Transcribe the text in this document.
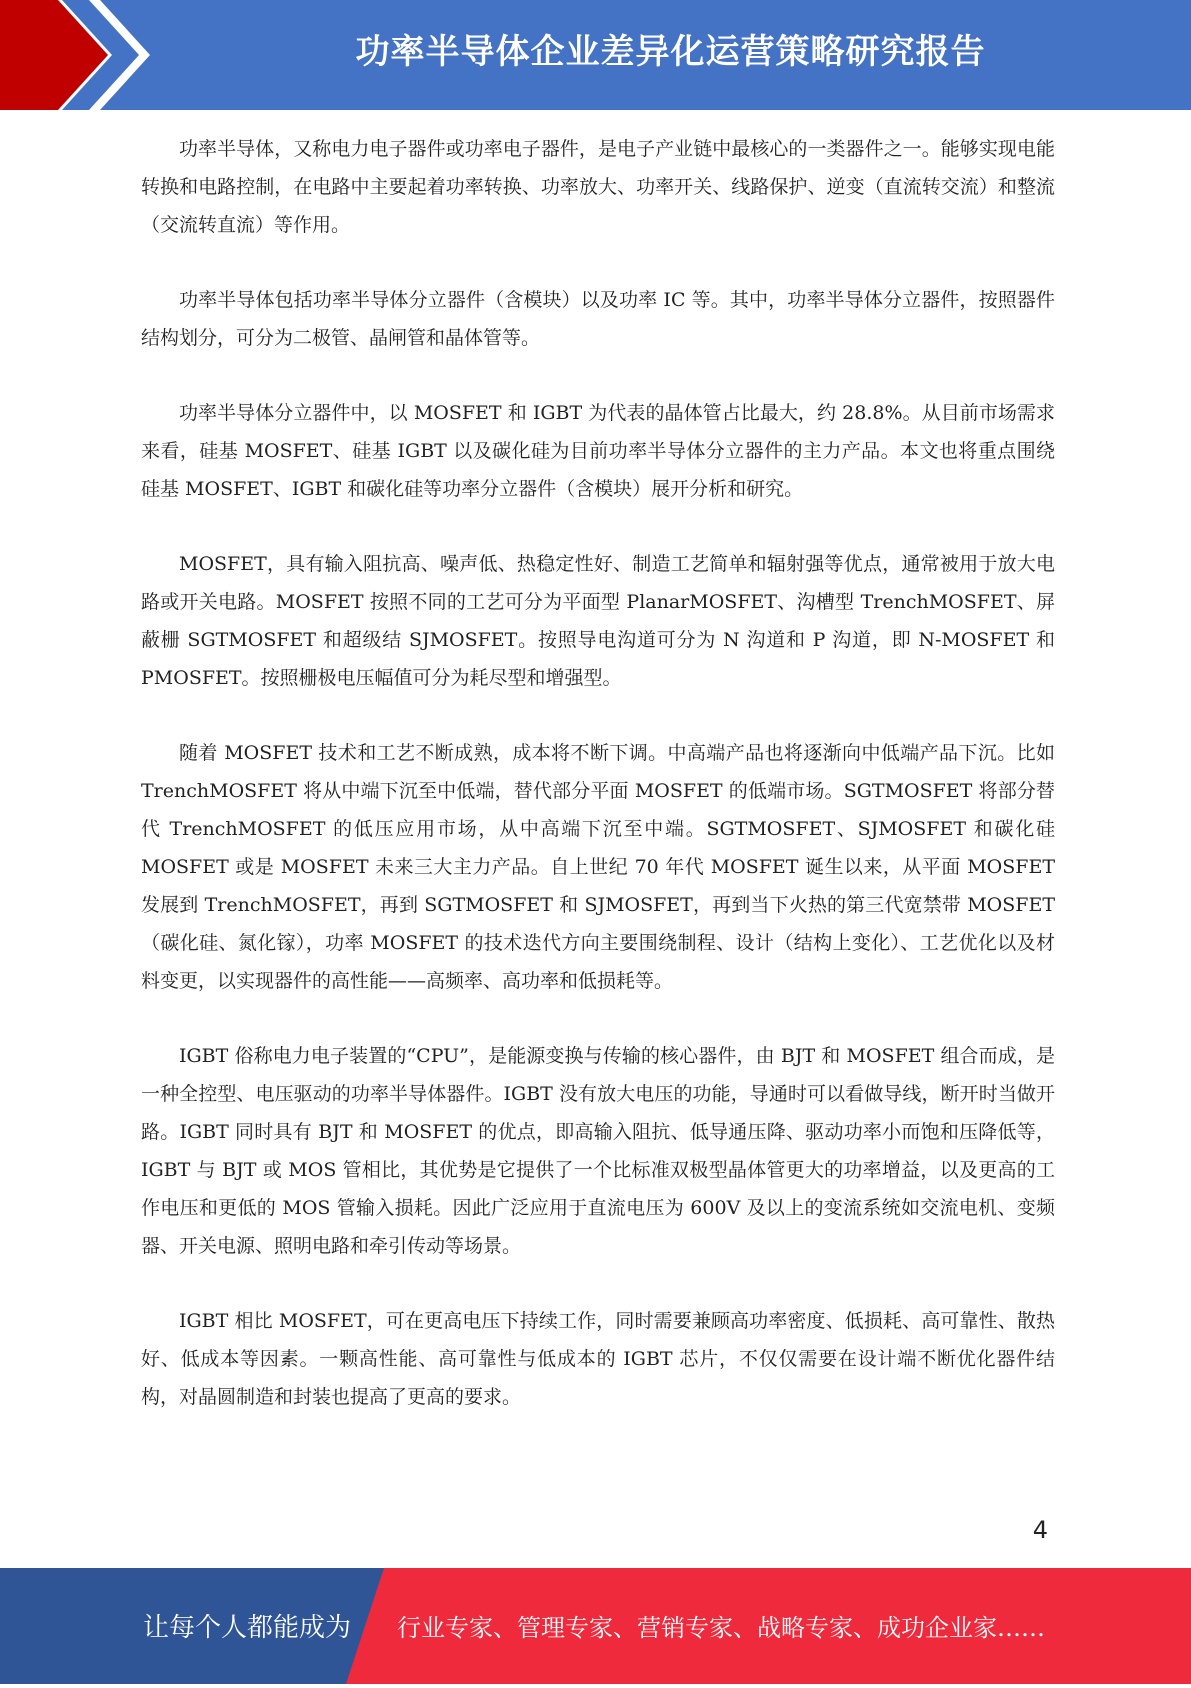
功率半导体企业差异化运营策略研究报告

功率半导体，又称电力电子器件或功率电子器件，是电子产业链中最核心的一类器件之一。能够实现电能转换和电路控制，在电路中主要起着功率转换、功率放大、功率开关、线路保护、逆变（直流转交流）和整流（交流转直流）等作用。

功率半导体包括功率半导体分立器件（含模块）以及功率 IC 等。其中，功率半导体分立器件，按照器件结构划分，可分为二极管、晶闸管和晶体管等。

功率半导体分立器件中，以 MOSFET 和 IGBT 为代表的晶体管占比最大，约 28.8%。从目前市场需求来看，硅基 MOSFET、硅基 IGBT 以及碳化硅为目前功率半导体分立器件的主力产品。本文也将重点围绕硅基 MOSFET、IGBT 和碳化硅等功率分立器件（含模块）展开分析和研究。

MOSFET，具有输入阻抗高、噪声低、热稳定性好、制造工艺简单和辐射强等优点，通常被用于放大电路或开关电路。MOSFET 按照不同的工艺可分为平面型 PlanarMOSFET、沟槽型 TrenchMOSFET、屏蔽栅 SGTMOSFET 和超级结 SJMOSFET。按照导电沟道可分为 N 沟道和 P 沟道，即 N-MOSFET 和 PMOSFET。按照栅极电压幅值可分为耗尽型和增强型。

随着 MOSFET 技术和工艺不断成熟，成本将不断下调。中高端产品也将逐渐向中低端产品下沉。比如 TrenchMOSFET 将从中端下沉至中低端，替代部分平面 MOSFET 的低端市场。SGTMOSFET 将部分替代 TrenchMOSFET 的低压应用市场，从中高端下沉至中端。SGTMOSFET、SJMOSFET 和碳化硅 MOSFET 或是 MOSFET 未来三大主力产品。自上世纪 70 年代 MOSFET 诞生以来，从平面 MOSFET 发展到 TrenchMOSFET，再到 SGTMOSFET 和 SJMOSFET，再到当下火热的第三代宽禁带 MOSFET（碳化硅、氮化镓），功率 MOSFET 的技术迭代方向主要围绕制程、设计（结构上变化）、工艺优化以及材料变更，以实现器件的高性能——高频率、高功率和低损耗等。

IGBT 俗称电力电子装置的“CPU”，是能源变换与传输的核心器件，由 BJT 和 MOSFET 组合而成，是一种全控型、电压驱动的功率半导体器件。IGBT 没有放大电压的功能，导通时可以看做导线，断开时当做开路。IGBT 同时具有 BJT 和 MOSFET 的优点，即高输入阻抗、低导通压降、驱动功率小而饱和压降低等，IGBT 与 BJT 或 MOS 管相比，其优势是它提供了一个比标准双极型晶体管更大的功率增益，以及更高的工作电压和更低的 MOS 管输入损耗。因此广泛应用于直流电压为 600V 及以上的变流系统如交流电机、变频器、开关电源、照明电路和牵引传动等场景。

IGBT 相比 MOSFET，可在更高电压下持续工作，同时需要兼顾高功率密度、低损耗、高可靠性、散热好、低成本等因素。一颗高性能、高可靠性与低成本的 IGBT 芯片，不仅仅需要在设计端不断优化器件结构，对晶圆制造和封装也提高了更高的要求。

4
让每个人都能成为 行业专家、管理专家、营销专家、战略专家、成功企业家……
